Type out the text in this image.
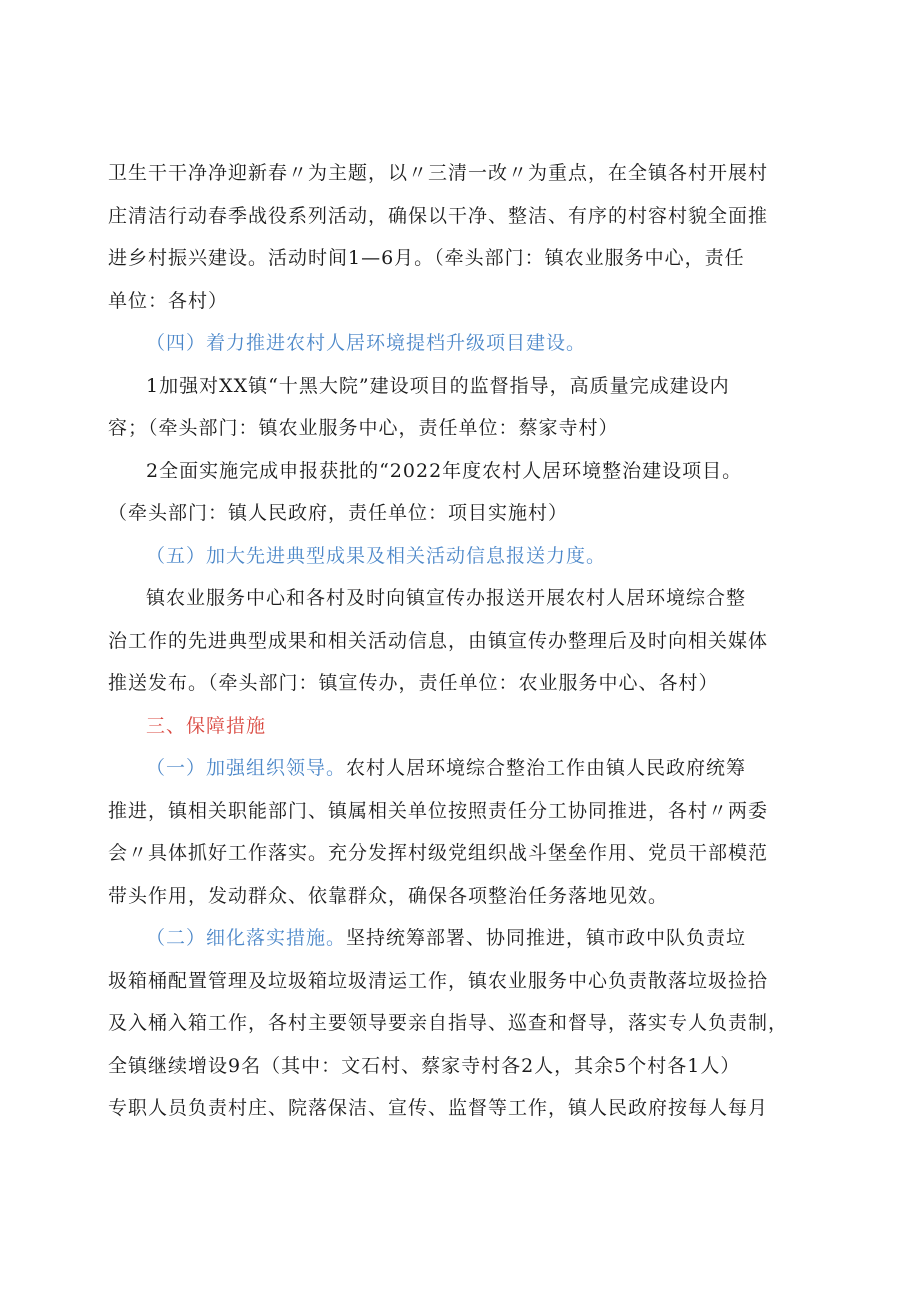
卫生干干净净迎新春〃为主题，以〃三清一改〃为重点，在全镇各村开展村
庄清洁行动春季战役系列活动，确保以干净、整洁、有序的村容村貌全面推
进乡村振兴建设。活动时间1—6月。（牵头部门：镇农业服务中心，责任
单位：各村）

（四）着力推进农村人居环境提档升级项目建设。

1加强对XX镇“十黑大院”建设项目的监督指导，高质量完成建设内
容；（牵头部门：镇农业服务中心，责任单位：蔡家寺村）

2全面实施完成申报获批的“2022年度农村人居环境整治建设项目。
（牵头部门：镇人民政府，责任单位：项目实施村）

（五）加大先进典型成果及相关活动信息报送力度。

镇农业服务中心和各村及时向镇宣传办报送开展农村人居环境综合整
治工作的先进典型成果和相关活动信息，由镇宣传办整理后及时向相关媒体
推送发布。（牵头部门：镇宣传办，责任单位：农业服务中心、各村）

三、保障措施

（一）加强组织领导。农村人居环境综合整治工作由镇人民政府统筹
推进，镇相关职能部门、镇属相关单位按照责任分工协同推进，各村〃两委
会〃具体抓好工作落实。充分发挥村级党组织战斗堡垒作用、党员干部模范
带头作用，发动群众、依靠群众，确保各项整治任务落地见效。

（二）细化落实措施。坚持统筹部署、协同推进，镇市政中队负责垃
圾箱桶配置管理及垃圾箱垃圾清运工作，镇农业服务中心负责散落垃圾捡拾
及入桶入箱工作，各村主要领导要亲自指导、巡查和督导，落实专人负责制，
全镇继续增设9名（其中：文石村、蔡家寺村各2人，其余5个村各1人）
专职人员负责村庄、院落保洁、宣传、监督等工作，镇人民政府按每人每月
